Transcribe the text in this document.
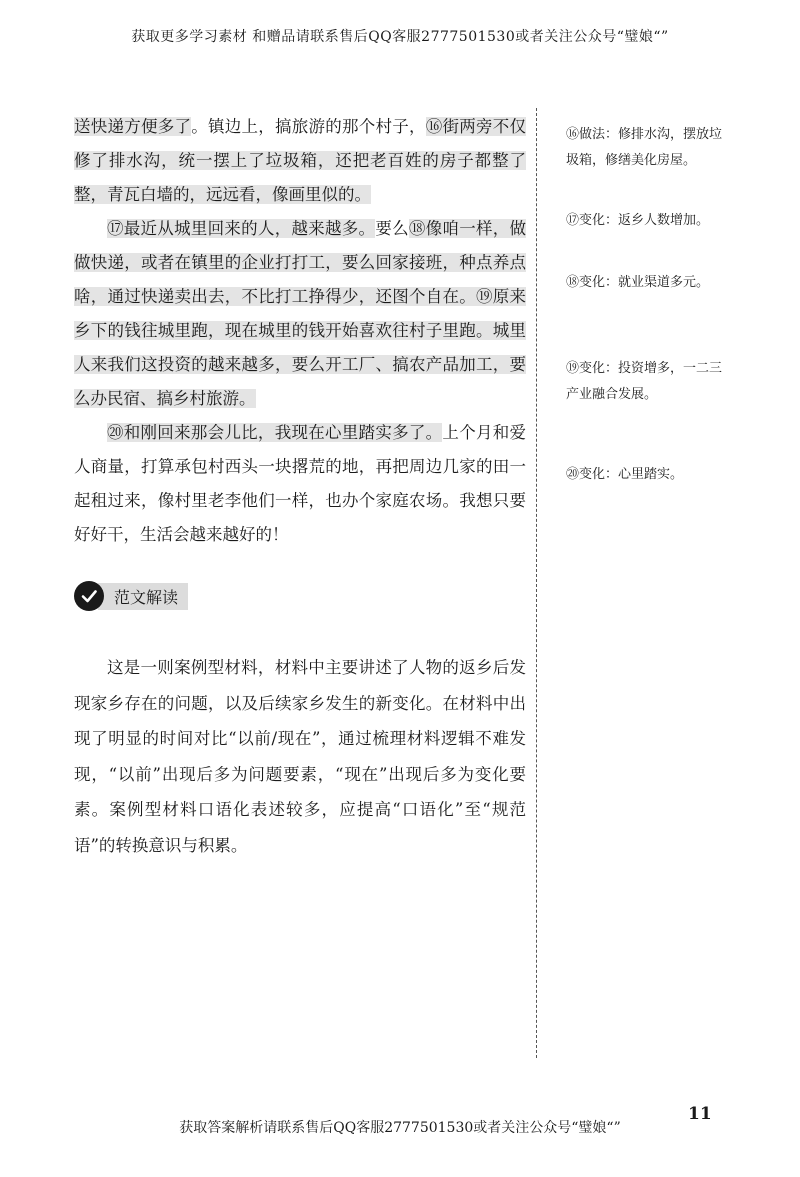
获取更多学习素材 和赠品请联系售后QQ客服2777501530或者关注公众号“璧娘“”

送快递方便多了。镇边上，搞旅游的那个村子，⑯街两旁不仅修了排水沟，统一摆上了垃圾箱，还把老百姓的房子都整了整，青瓦白墙的，远远看，像画里似的。

⑰最近从城里回来的人，越来越多。要么⑱像咱一样，做做快递，或者在镇里的企业打打工，要么回家接班，种点养点啥，通过快递卖出去，不比打工挣得少，还图个自在。⑲原来乡下的钱往城里跑，现在城里的钱开始喜欢往村子里跑。城里人来我们这投资的越来越多，要么开工厂、搞农产品加工，要么办民宿、搞乡村旅游。

⑳和刚回来那会儿比，我现在心里踏实多了。上个月和爱人商量，打算承包村西头一块撂荒的地，再把周边几家的田一起租过来，像村里老李他们一样，也办个家庭农场。我想只要好好干，生活会越来越好的！

范文解读

这是一则案例型材料，材料中主要讲述了人物的返乡后发现家乡存在的问题，以及后续家乡发生的新变化。在材料中出现了明显的时间对比“以前/现在”，通过梳理材料逻辑不难发现，“以前”出现后多为问题要素，“现在”出现后多为变化要素。案例型材料口语化表述较多，应提高“口语化”至“规范语”的转换意识与积累。

⑯做法：修排水沟，摆放垃圾箱，修缮美化房屋。
⑰变化：返乡人数增加。
⑱变化：就业渠道多元。
⑲变化：投资增多，一二三产业融合发展。
⑳变化：心里踏实。
11
获取答案解析请联系售后QQ客服2777501530或者关注公众号“璧娘“”
